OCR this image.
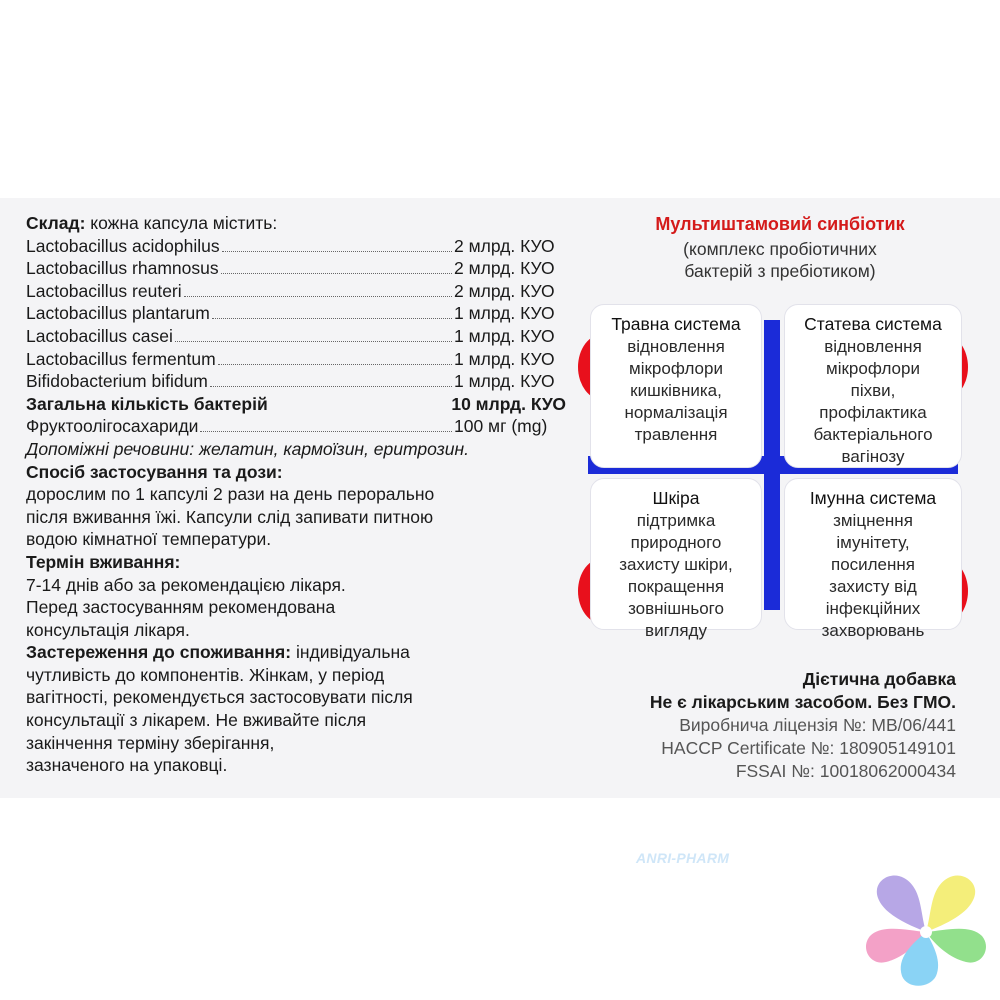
Склад: кожна капсула містить:
Lactobacillus acidophilus	2 млрд. КУО
Lactobacillus rhamnosus	2 млрд. КУО
Lactobacillus reuteri	2 млрд. КУО
Lactobacillus plantarum	1 млрд. КУО
Lactobacillus casei	1 млрд. КУО
Lactobacillus fermentum	1 млрд. КУО
Bifidobacterium bifidum	1 млрд. КУО
Загальна кількість бактерій	10 млрд. КУО
Фруктоолігосахариди	100 мг (mg)
Допоміжні речовини: желатин, кармоїзин, еритрозин.
Спосіб застосування та дози:
дорослим по 1 капсулі 2 рази на день перорально
після вживання їжі. Капсули слід запивати питною
водою кімнатної температури.
Термін вживання:
7-14 днів або за рекомендацією лікаря.
Перед застосуванням рекомендована
консультація лікаря.
Застереження до споживання: індивідуальна
чутливість до компонентів. Жінкам, у період
вагітності, рекомендується застосовувати після
консультації з лікарем. Не вживайте після
закінчення терміну зберігання,
зазначеного на упаковці.
Мультиштамовий синбіотик
(комплекс пробіотичних
бактерій з пребіотиком)
Травна система
відновлення
мікрофлори
кишківника,
нормалізація
травлення
Статева система
відновлення
мікрофлори
піхви,
профілактика
бактеріального
вагінозу
Шкіра
підтримка
природного
захисту шкіри,
покращення
зовнішнього
вигляду
Імунна система
зміцнення
імунітету,
посилення
захисту від
інфекційних
захворювань
Дієтична добавка
Не є лікарським засобом. Без ГМО.
Виробнича ліцензія №: MB/06/441
HACCP Certificate №: 180905149101
FSSAI №: 10018062000434
ANRI-PHARM
